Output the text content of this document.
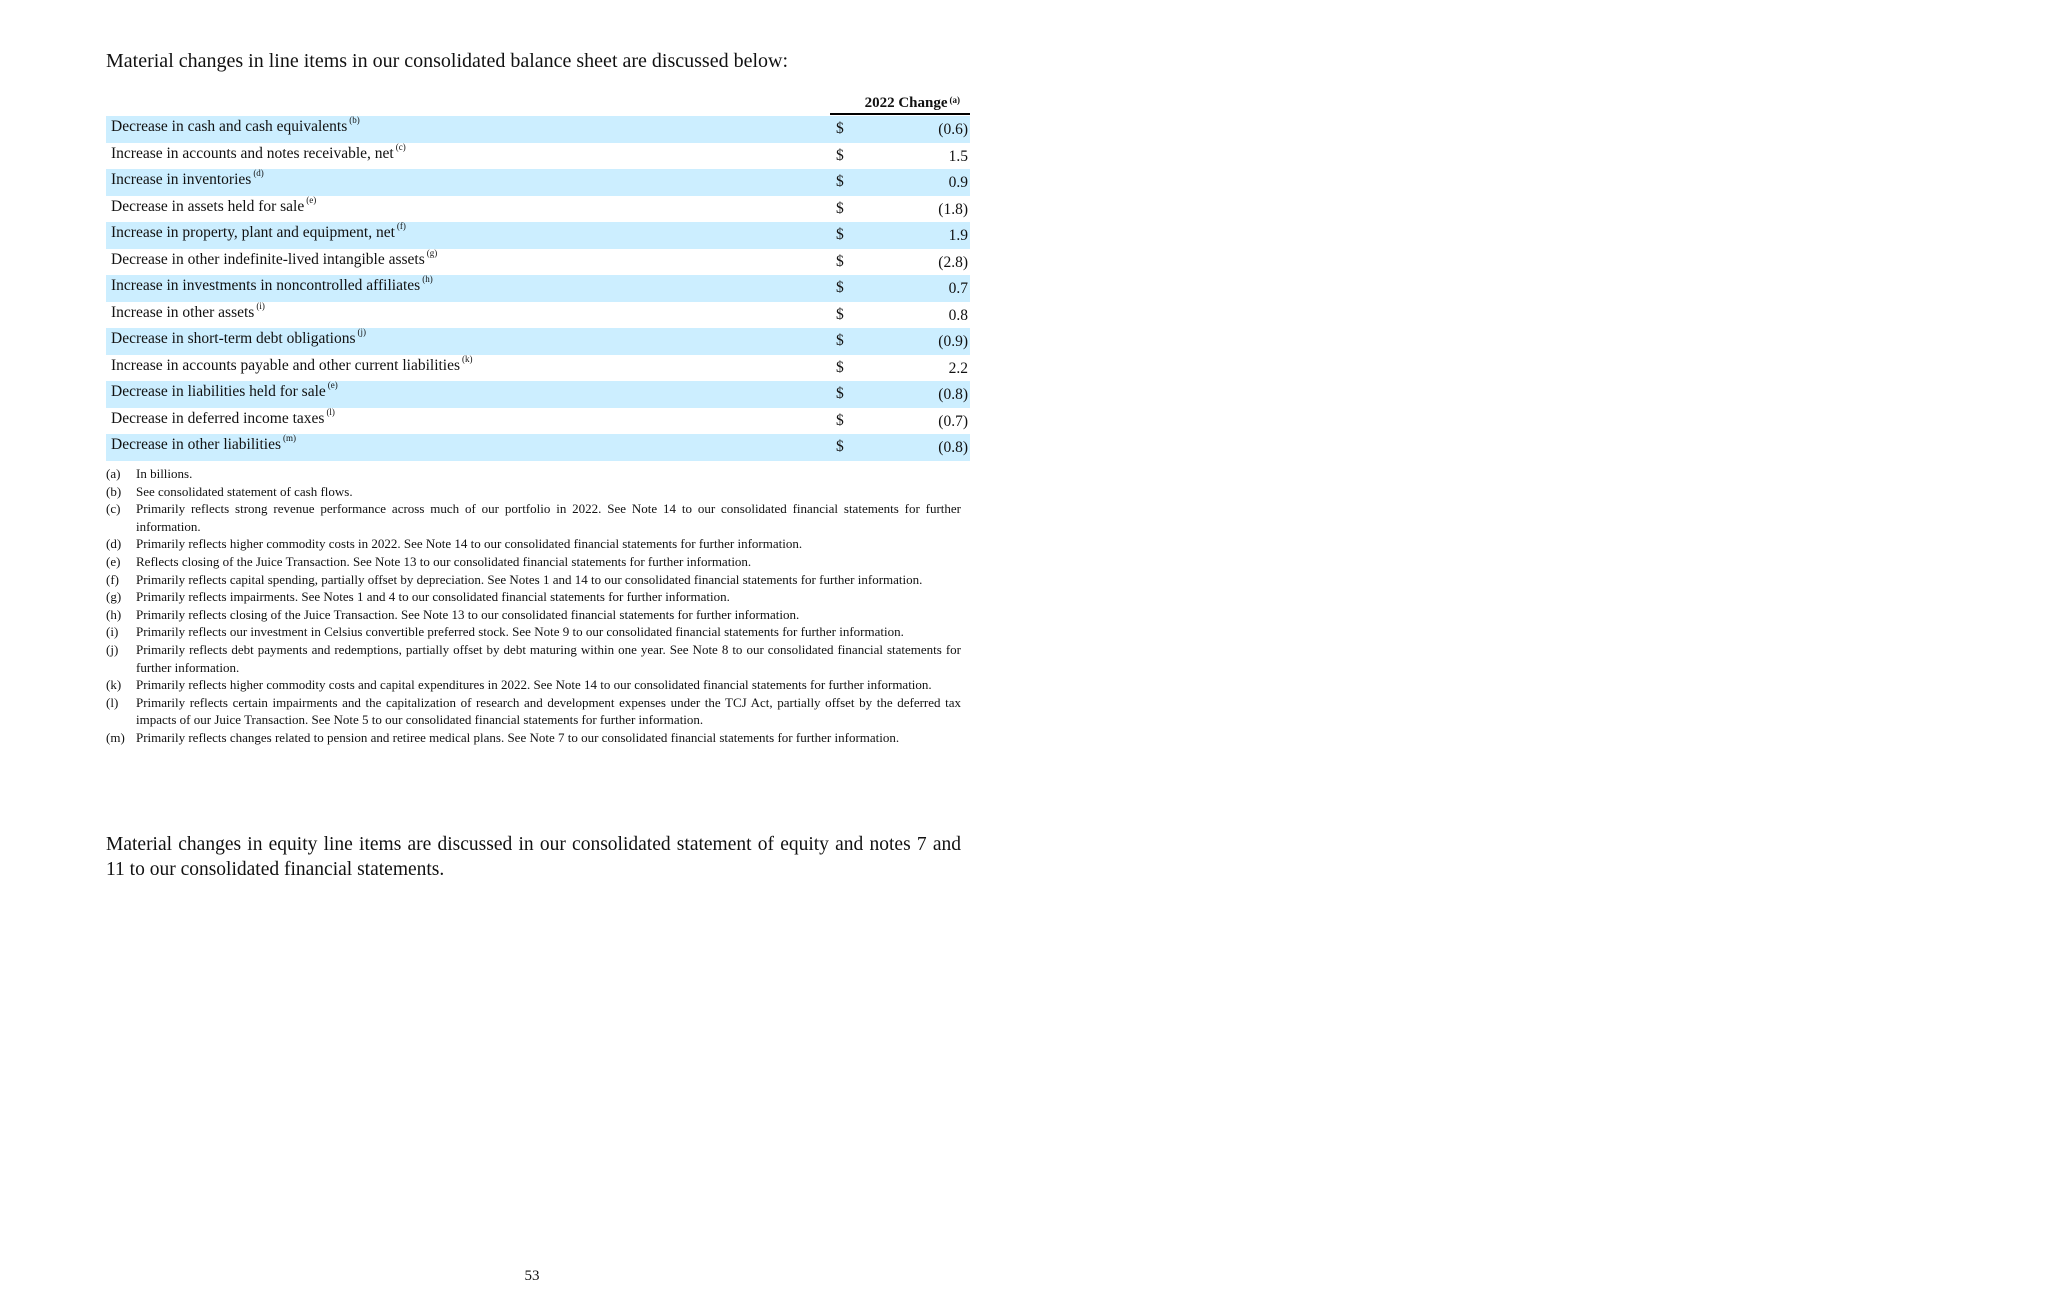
Material changes in line items in our consolidated balance sheet are discussed below:

2022 Change $^{(a)}$
Decrease in cash and cash equivalents $^{(b)}$	$	(0.6)
Increase in accounts and notes receivable, net $^{(c)}$	$	1.5
Increase in inventories $^{(d)}$	$	0.9
Decrease in assets held for sale $^{(e)}$	$	(1.8)
Increase in property, plant and equipment, net $^{(f)}$	$	1.9
Decrease in other indefinite-lived intangible assets $^{(g)}$	$	(2.8)
Increase in investments in noncontrolled affiliates $^{(h)}$	$	0.7
Increase in other assets $^{(i)}$	$	0.8
Decrease in short-term debt obligations $^{(j)}$	$	(0.9)
Increase in accounts payable and other current liabilities $^{(k)}$	$	2.2
Decrease in liabilities held for sale $^{(e)}$	$	(0.8)
Decrease in deferred income taxes $^{(l)}$	$	(0.7)
Decrease in other liabilities $^{(m)}$	$	(0.8)
(a)	In billions.
(b)	See consolidated statement of cash flows.
(c)	Primarily reflects strong revenue performance across much of our portfolio in 2022. See Note 14 to our consolidated financial statements for further information.
(d)	Primarily reflects higher commodity costs in 2022. See Note 14 to our consolidated financial statements for further information.
(e)	Reflects closing of the Juice Transaction. See Note 13 to our consolidated financial statements for further information.
(f)	Primarily reflects capital spending, partially offset by depreciation. See Notes 1 and 14 to our consolidated financial statements for further information.
(g)	Primarily reflects impairments. See Notes 1 and 4 to our consolidated financial statements for further information.
(h)	Primarily reflects closing of the Juice Transaction. See Note 13 to our consolidated financial statements for further information.
(i)	Primarily reflects our investment in Celsius convertible preferred stock. See Note 9 to our consolidated financial statements for further information.
(j)	Primarily reflects debt payments and redemptions, partially offset by debt maturing within one year. See Note 8 to our consolidated financial statements for further information.
(k)	Primarily reflects higher commodity costs and capital expenditures in 2022. See Note 14 to our consolidated financial statements for further information.
(l)	Primarily reflects certain impairments and the capitalization of research and development expenses under the TCJ Act, partially offset by the deferred tax impacts of our Juice Transaction. See Note 5 to our consolidated financial statements for further information.
(m) Primarily reflects changes related to pension and retiree medical plans. See Note 7 to our consolidated financial statements for further information.

Material changes in equity line items are discussed in our consolidated statement of equity and notes 7 and 11 to our consolidated financial statements.

53
